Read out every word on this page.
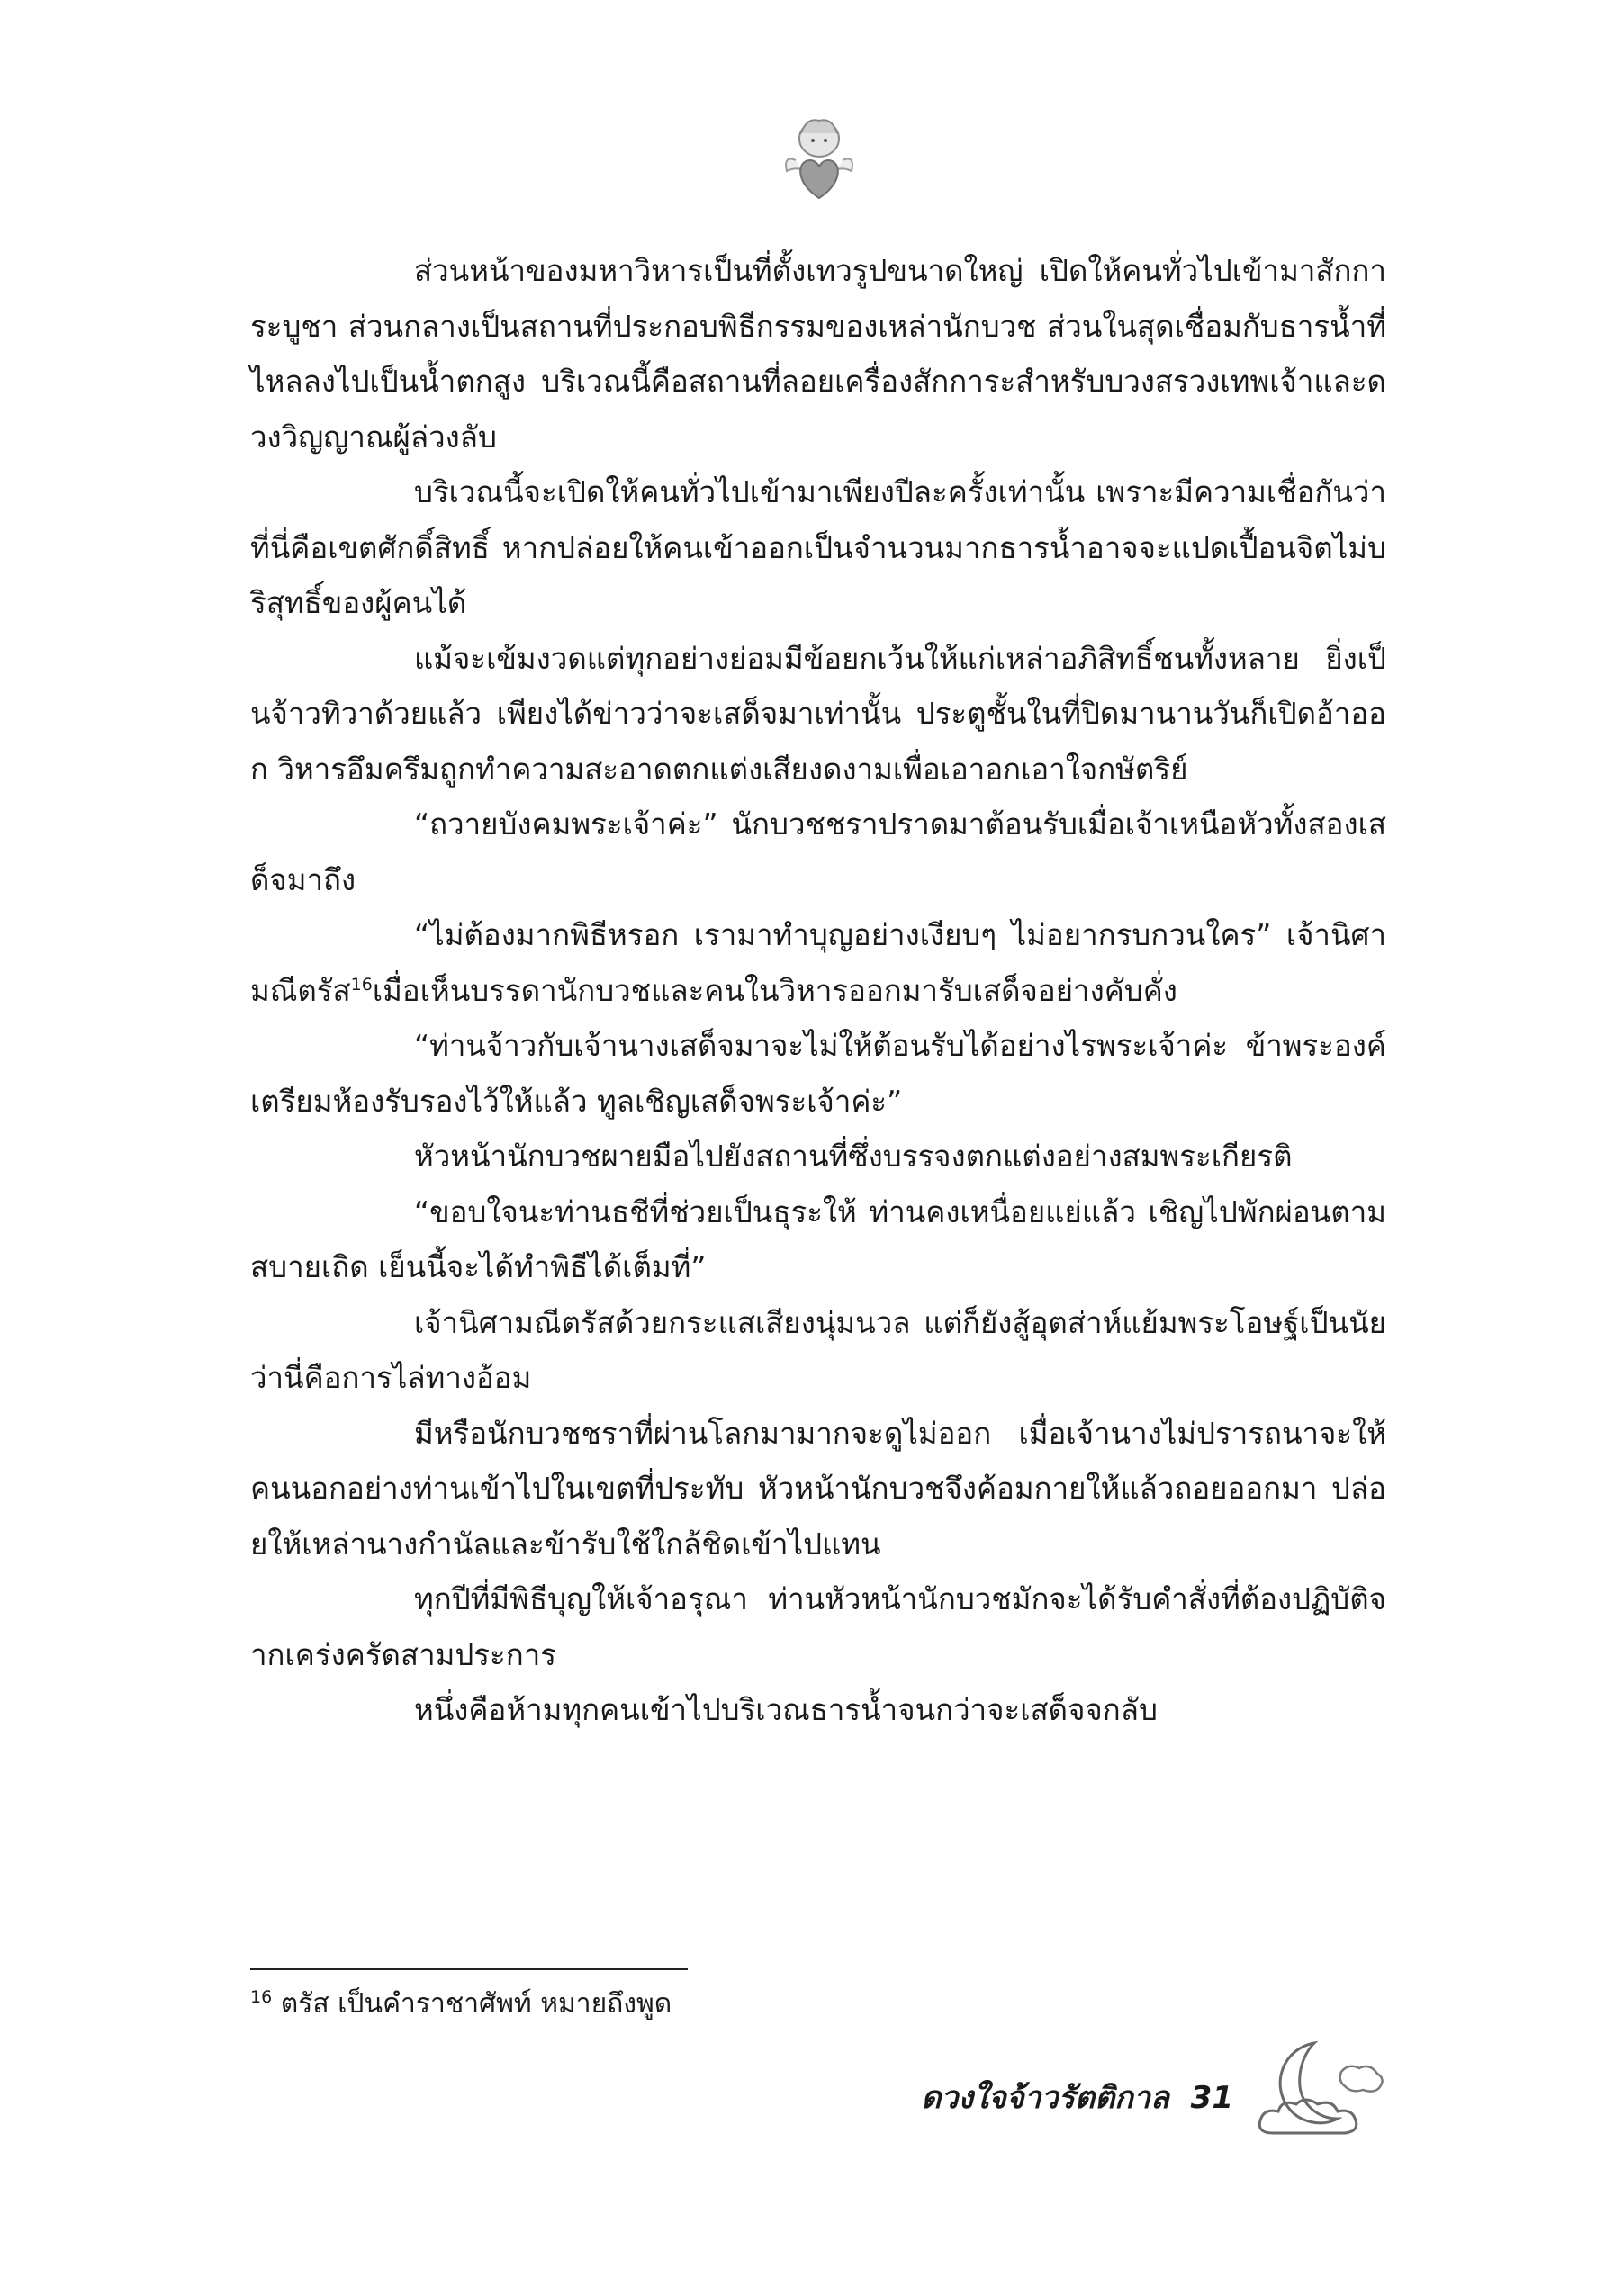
ส่วนหน้าของมหาวิหารเป็นที่ตั้งเทวรูปขนาดใหญ่ เปิดให้คนทั่วไปเข้ามาสักการะบูชา ส่วนกลางเป็นสถานที่ประกอบพิธีกรรมของเหล่านักบวช ส่วนในสุดเชื่อมกับธารน้ำที่ไหลลงไปเป็นน้ำตกสูง บริเวณนี้คือสถานที่ลอยเครื่องสักการะสำหรับบวงสรวงเทพเจ้าและดวงวิญญาณผู้ล่วงลับ

บริเวณนี้จะเปิดให้คนทั่วไปเข้ามาเพียงปีละครั้งเท่านั้น เพราะมีความเชื่อกันว่าที่นี่คือเขตศักดิ์สิทธิ์ หากปล่อยให้คนเข้าออกเป็นจำนวนมากธารน้ำอาจจะแปดเปื้อนจิตไม่บริสุทธิ์ของผู้คนได้

แม้จะเข้มงวดแต่ทุกอย่างย่อมมีข้อยกเว้นให้แก่เหล่าอภิสิทธิ์ชนทั้งหลาย ยิ่งเป็นจ้าวทิวาด้วยแล้ว เพียงได้ข่าวว่าจะเสด็จมาเท่านั้น ประตูชั้นในที่ปิดมานานวันก็เปิดอ้าออก วิหารอึมครึมถูกทำความสะอาดตกแต่งเสียงดงามเพื่อเอาอกเอาใจกษัตริย์

“ถวายบังคมพระเจ้าค่ะ” นักบวชชราปราดมาต้อนรับเมื่อเจ้าเหนือหัวทั้งสองเสด็จมาถึง

“ไม่ต้องมากพิธีหรอก เรามาทำบุญอย่างเงียบๆ ไม่อยากรบกวนใคร” เจ้านิศามณีตรัส$^{16}$เมื่อเห็นบรรดานักบวชและคนในวิหารออกมารับเสด็จอย่างคับคั่ง

“ท่านจ้าวกับเจ้านางเสด็จมาจะไม่ให้ต้อนรับได้อย่างไรพระเจ้าค่ะ ข้าพระองค์เตรียมห้องรับรองไว้ให้แล้ว ทูลเชิญเสด็จพระเจ้าค่ะ”

หัวหน้านักบวชผายมือไปยังสถานที่ซึ่งบรรจงตกแต่งอย่างสมพระเกียรติ

“ขอบใจนะท่านธชีที่ช่วยเป็นธุระให้ ท่านคงเหนื่อยแย่แล้ว เชิญไปพักผ่อนตามสบายเถิด เย็นนี้จะได้ทำพิธีได้เต็มที่”

เจ้านิศามณีตรัสด้วยกระแสเสียงนุ่มนวล แต่ก็ยังสู้อุตส่าห์แย้มพระโอษฐ์เป็นนัยว่านี่คือการไล่ทางอ้อม

มีหรือนักบวชชราที่ผ่านโลกมามากจะดูไม่ออก เมื่อเจ้านางไม่ปรารถนาจะให้คนนอกอย่างท่านเข้าไปในเขตที่ประทับ หัวหน้านักบวชจึงค้อมกายให้แล้วถอยออกมา ปล่อยให้เหล่านางกำนัลและข้ารับใช้ใกล้ชิดเข้าไปแทน

ทุกปีที่มีพิธีบุญให้เจ้าอรุณา ท่านหัวหน้านักบวชมักจะได้รับคำสั่งที่ต้องปฏิบัติจากเคร่งครัดสามประการ

หนึ่งคือห้ามทุกคนเข้าไปบริเวณธารน้ำจนกว่าจะเสด็จจกลับ

$^{16}$ ตรัส เป็นคำราชาศัพท์ หมายถึงพูด
ดวงใจจ้าวรัตติกาล 31
